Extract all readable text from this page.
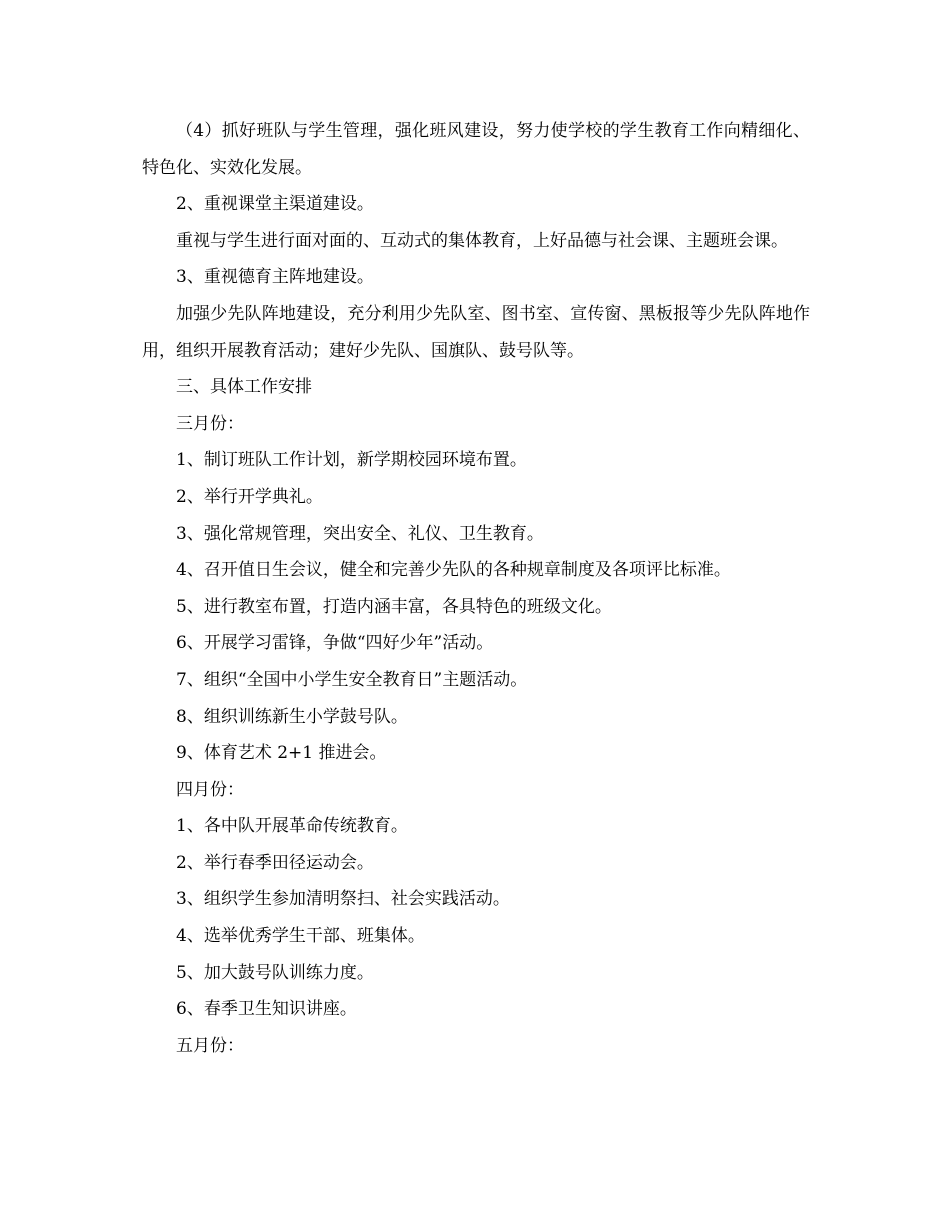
（4）抓好班队与学生管理，强化班风建设，努力使学校的学生教育工作向精细化、特色化、实效化发展。

2、重视课堂主渠道建设。

重视与学生进行面对面的、互动式的集体教育，上好品德与社会课、主题班会课。

3、重视德育主阵地建设。

加强少先队阵地建设，充分利用少先队室、图书室、宣传窗、黑板报等少先队阵地作用，组织开展教育活动；建好少先队、国旗队、鼓号队等。

三、具体工作安排

三月份：

1、制订班队工作计划，新学期校园环境布置。

2、举行开学典礼。

3、强化常规管理，突出安全、礼仪、卫生教育。

4、召开值日生会议，健全和完善少先队的各种规章制度及各项评比标准。

5、进行教室布置，打造内涵丰富，各具特色的班级文化。

6、开展学习雷锋，争做“四好少年”活动。

7、组织“全国中小学生安全教育日”主题活动。

8、组织训练新生小学鼓号队。

9、体育艺术 2+1 推进会。

四月份：

1、各中队开展革命传统教育。

2、举行春季田径运动会。

3、组织学生参加清明祭扫、社会实践活动。

4、选举优秀学生干部、班集体。

5、加大鼓号队训练力度。

6、春季卫生知识讲座。

五月份：
